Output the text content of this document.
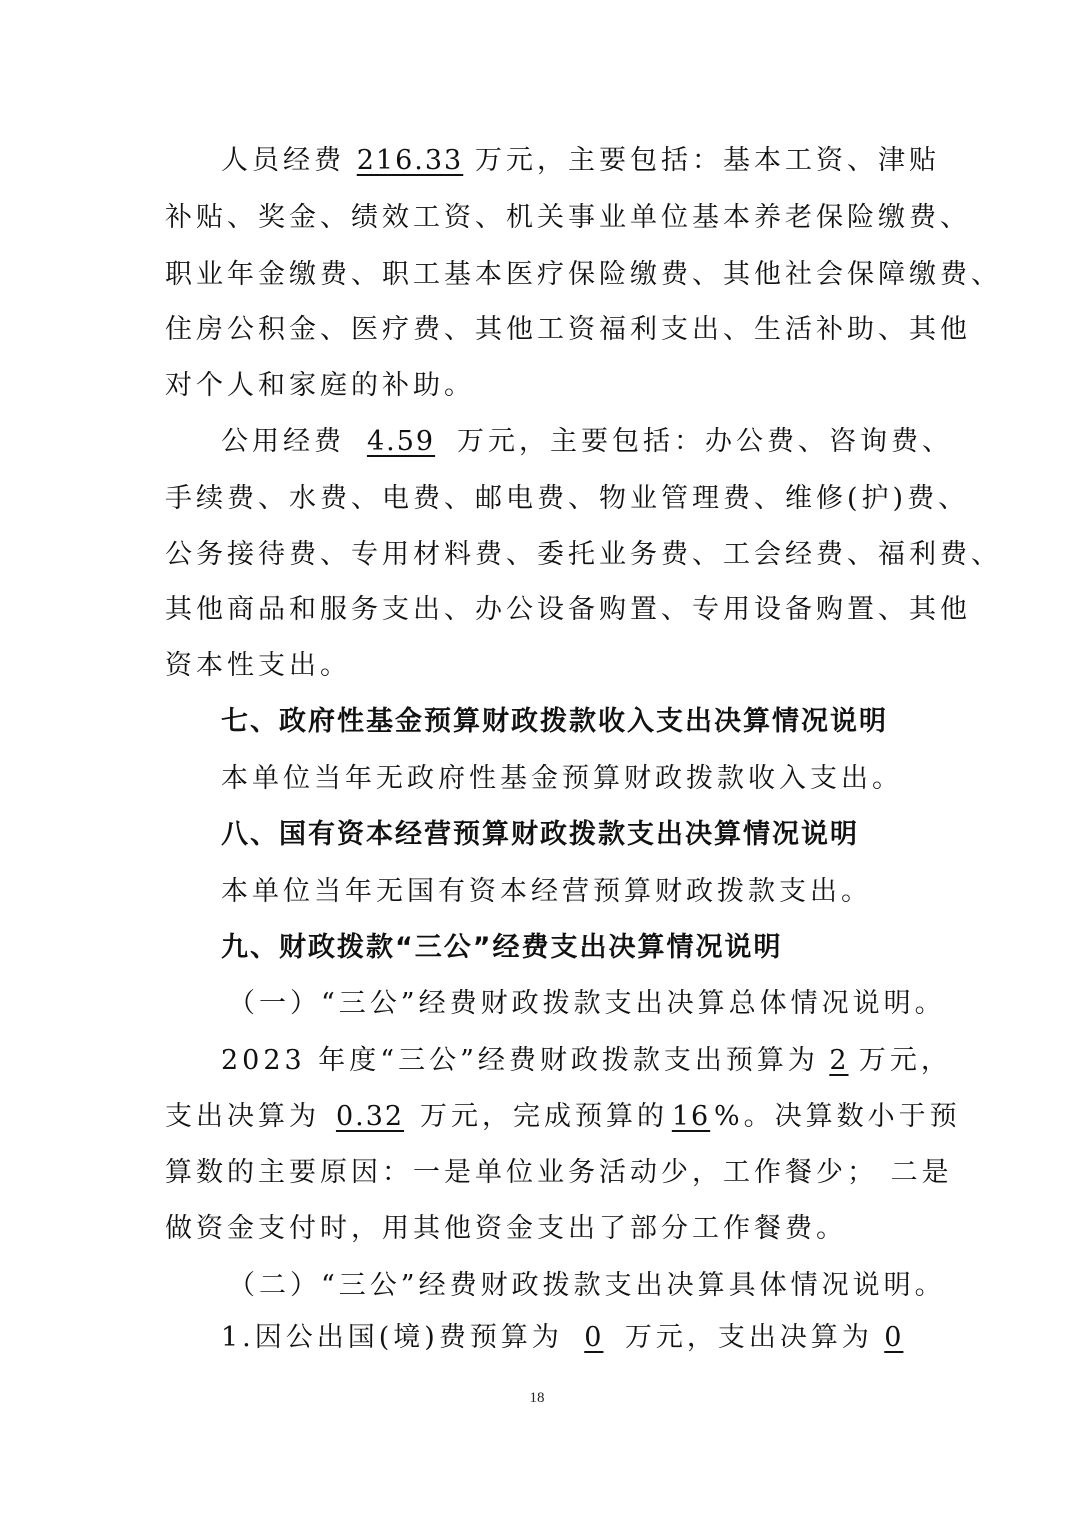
人员经费 216.33 万元，主要包括：基本工资、津贴
补贴、奖金、绩效工资、机关事业单位基本养老保险缴费、
职业年金缴费、职工基本医疗保险缴费、其他社会保障缴费、
住房公积金、医疗费、其他工资福利支出、生活补助、其他
对个人和家庭的补助。
公用经费 4.59 万元，主要包括：办公费、咨询费、
手续费、水费、电费、邮电费、物业管理费、维修(护)费、
公务接待费、专用材料费、委托业务费、工会经费、福利费、
其他商品和服务支出、办公设备购置、专用设备购置、其他
资本性支出。
七、政府性基金预算财政拨款收入支出决算情况说明
本单位当年无政府性基金预算财政拨款收入支出。
八、国有资本经营预算财政拨款支出决算情况说明
本单位当年无国有资本经营预算财政拨款支出。
九、财政拨款“三公”经费支出决算情况说明
（一）“三公”经费财政拨款支出决算总体情况说明。
2023 年度“三公”经费财政拨款支出预算为 2 万元，
支出决算为 0.32 万元，完成预算的 16 %。决算数小于预
算数的主要原因：一是单位业务活动少，工作餐少； 二是
做资金支付时，用其他资金支出了部分工作餐费。
（二）“三公”经费财政拨款支出决算具体情况说明。
1.因公出国(境)费预算为 0 万元，支出决算为 0
18
